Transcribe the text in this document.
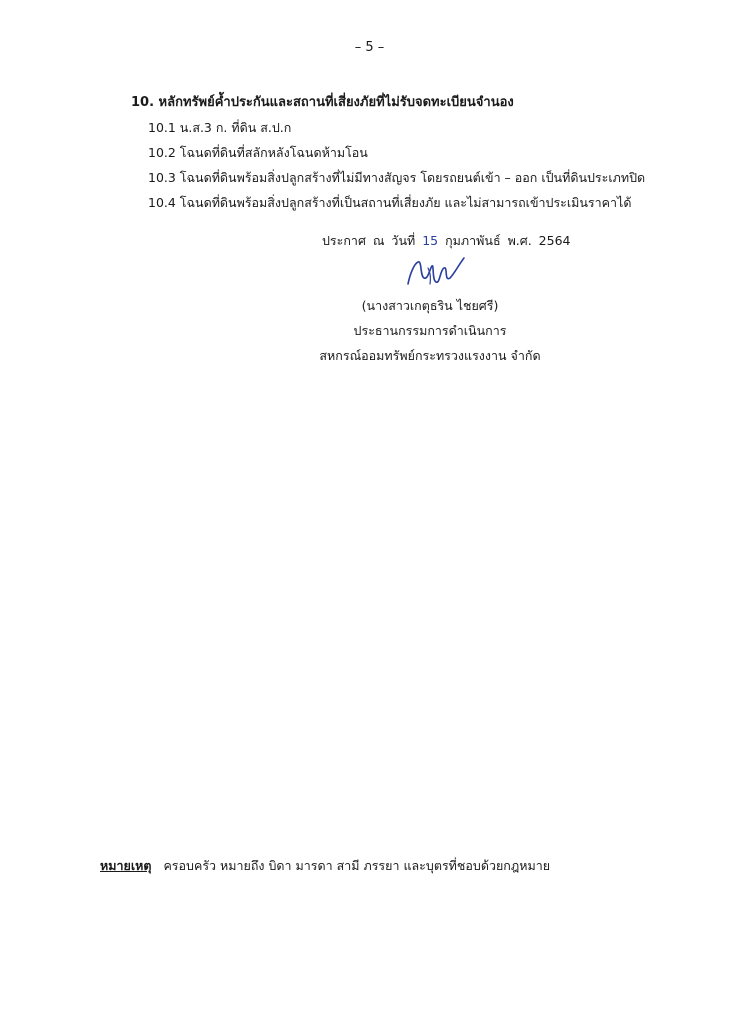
– 5 –
10. หลักทรัพย์ค้ำประกันและสถานที่เสี่ยงภัยที่ไม่รับจดทะเบียนจำนอง
10.1 น.ส.3 ก. ที่ดิน ส.ป.ก
10.2 โฉนดที่ดินที่สลักหลังโฉนดห้ามโอน
10.3 โฉนดที่ดินพร้อมสิ่งปลูกสร้างที่ไม่มีทางสัญจร โดยรถยนต์เข้า – ออก เป็นที่ดินประเภทปิด
10.4 โฉนดที่ดินพร้อมสิ่งปลูกสร้างที่เป็นสถานที่เสี่ยงภัย และไม่สามารถเข้าประเมินราคาได้
ประกาศ ณ วันที่ 15 กุมภาพันธ์ พ.ศ. 2564
(นางสาวเกตุธริน ไชยศรี)
ประธานกรรมการดำเนินการ
สหกรณ์ออมทรัพย์กระทรวงแรงงาน จำกัด
หมายเหตุ ครอบครัว หมายถึง บิดา มารดา สามี ภรรยา และบุตรที่ชอบด้วยกฎหมาย
